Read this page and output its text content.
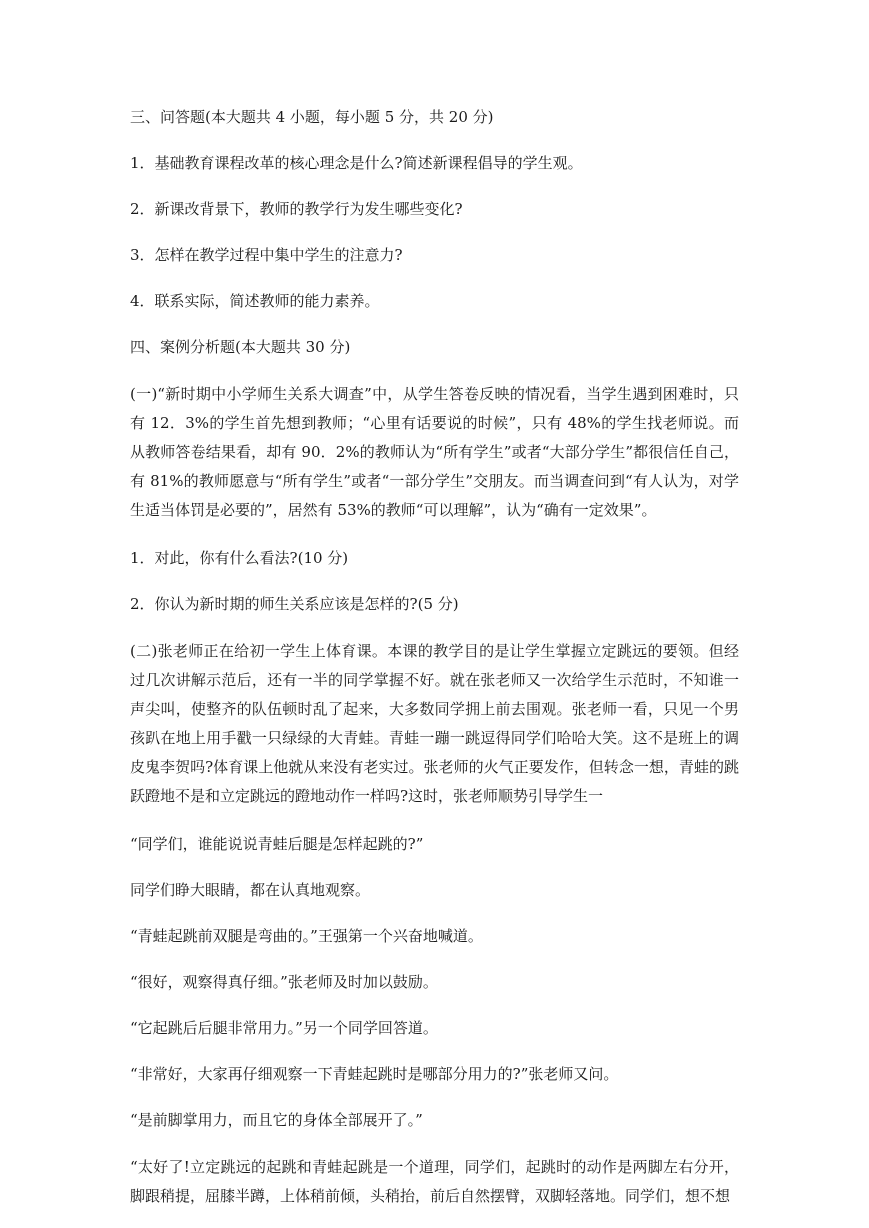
三、问答题(本大题共 4 小题，每小题 5 分，共 20 分)

1．基础教育课程改革的核心理念是什么?简述新课程倡导的学生观。

2．新课改背景下，教师的教学行为发生哪些变化?

3．怎样在教学过程中集中学生的注意力?

4．联系实际，简述教师的能力素养。

四、案例分析题(本大题共 30 分)

(一)“新时期中小学师生关系大调查”中，从学生答卷反映的情况看，当学生遇到困难时，只有 12．3%的学生首先想到教师；“心里有话要说的时候”，只有 48%的学生找老师说。而从教师答卷结果看，却有 90．2%的教师认为“所有学生”或者“大部分学生”都很信任自己，有 81%的教师愿意与“所有学生”或者“一部分学生”交朋友。而当调查问到“有人认为，对学生适当体罚是必要的”，居然有 53%的教师“可以理解”，认为“确有一定效果”。

1．对此，你有什么看法?(10 分)

2．你认为新时期的师生关系应该是怎样的?(5 分)

(二)张老师正在给初一学生上体育课。本课的教学目的是让学生掌握立定跳远的要领。但经过几次讲解示范后，还有一半的同学掌握不好。就在张老师又一次给学生示范时，不知谁一声尖叫，使整齐的队伍顿时乱了起来，大多数同学拥上前去围观。张老师一看，只见一个男孩趴在地上用手戳一只绿绿的大青蛙。青蛙一蹦一跳逗得同学们哈哈大笑。这不是班上的调皮鬼李贺吗?体育课上他就从来没有老实过。张老师的火气正要发作，但转念一想，青蛙的跳跃蹬地不是和立定跳远的蹬地动作一样吗?这时，张老师顺势引导学生一

“同学们，谁能说说青蛙后腿是怎样起跳的?”

同学们睁大眼睛，都在认真地观察。

“青蛙起跳前双腿是弯曲的。”王强第一个兴奋地喊道。

“很好，观察得真仔细。”张老师及时加以鼓励。

“它起跳后后腿非常用力。”另一个同学回答道。

“非常好，大家再仔细观察一下青蛙起跳时是哪部分用力的?”张老师又问。

“是前脚掌用力，而且它的身体全部展开了。”

“太好了!立定跳远的起跳和青蛙起跳是一个道理，同学们，起跳时的动作是两脚左右分开，脚跟稍提，屈膝半蹲，上体稍前倾，头稍抬，前后自然摆臂，双脚轻落地。同学们，想不想
